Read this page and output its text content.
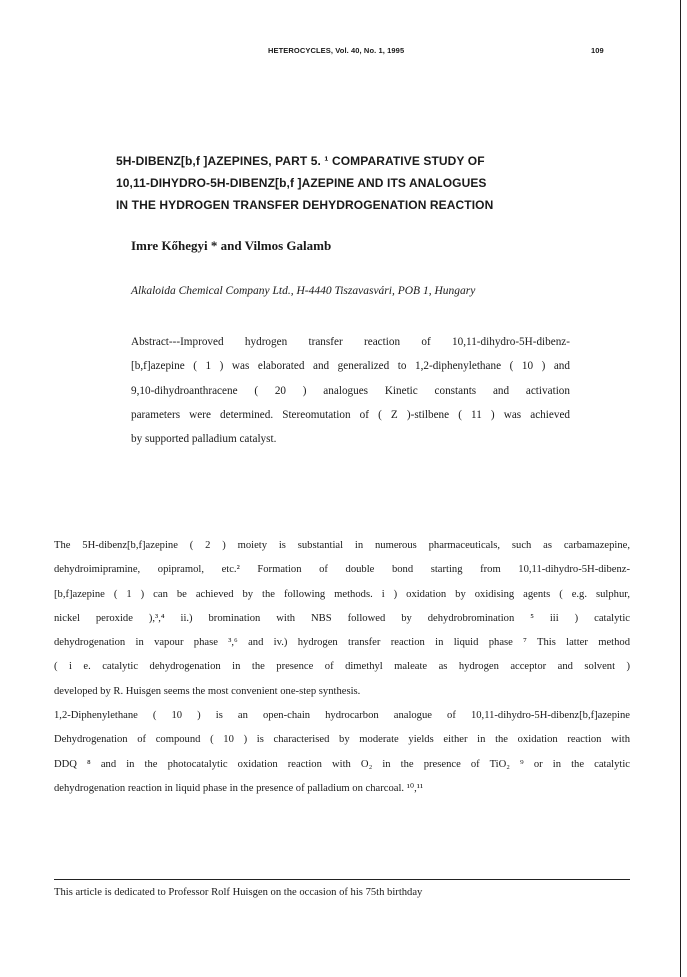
HETEROCYCLES, Vol. 40, No. 1, 1995	109
5H-DIBENZ[b,f ]AZEPINES, PART 5. ¹ COMPARATIVE STUDY OF
10,11-DIHYDRO-5H-DIBENZ[b,f ]AZEPINE AND ITS ANALOGUES
IN THE HYDROGEN TRANSFER DEHYDROGENATION REACTION
Imre Kőhegyi * and Vilmos Galamb
Alkaloida Chemical Company Ltd., H-4440 Tiszavasvári, POB 1, Hungary
Abstract---Improved hydrogen transfer reaction of 10,11-dihydro-5H-dibenz-
[b,f]azepine ( 1 ) was elaborated and generalized to 1,2-diphenylethane ( 10 ) and
9,10-dihydroanthracene ( 20 ) analogues Kinetic constants and activation
parameters were determined. Stereomutation of ( Z )-stilbene ( 11 ) was achieved
by supported palladium catalyst.
The 5H-dibenz[b,f]azepine ( 2 ) moiety is substantial in numerous pharmaceuticals, such as carbamazepine,
dehydroimipramine, opipramol, etc.² Formation of double bond starting from 10,11-dihydro-5H-dibenz-
[b,f]azepine ( 1 ) can be achieved by the following methods. i ) oxidation by oxidising agents ( e.g. sulphur,
nickel peroxide ),³,⁴ ii.) bromination with NBS followed by dehydrobromination ⁵ iii ) catalytic
dehydrogenation in vapour phase ³,⁶ and iv.) hydrogen transfer reaction in liquid phase ⁷ This latter method
( i e. catalytic dehydrogenation in the presence of dimethyl maleate as hydrogen acceptor and solvent )
developed by R. Huisgen seems the most convenient one-step synthesis.
1,2-Diphenylethane ( 10 ) is an open-chain hydrocarbon analogue of 10,11-dihydro-5H-dibenz[b,f]azepine
Dehydrogenation of compound ( 10 ) is characterised by moderate yields either in the oxidation reaction with
DDQ ⁸ and in the photocatalytic oxidation reaction with O₂ in the presence of TiO₂ ⁹ or in the catalytic
dehydrogenation reaction in liquid phase in the presence of palladium on charcoal. ¹⁰,¹¹
This article is dedicated to Professor Rolf Huisgen on the occasion of his 75th birthday
